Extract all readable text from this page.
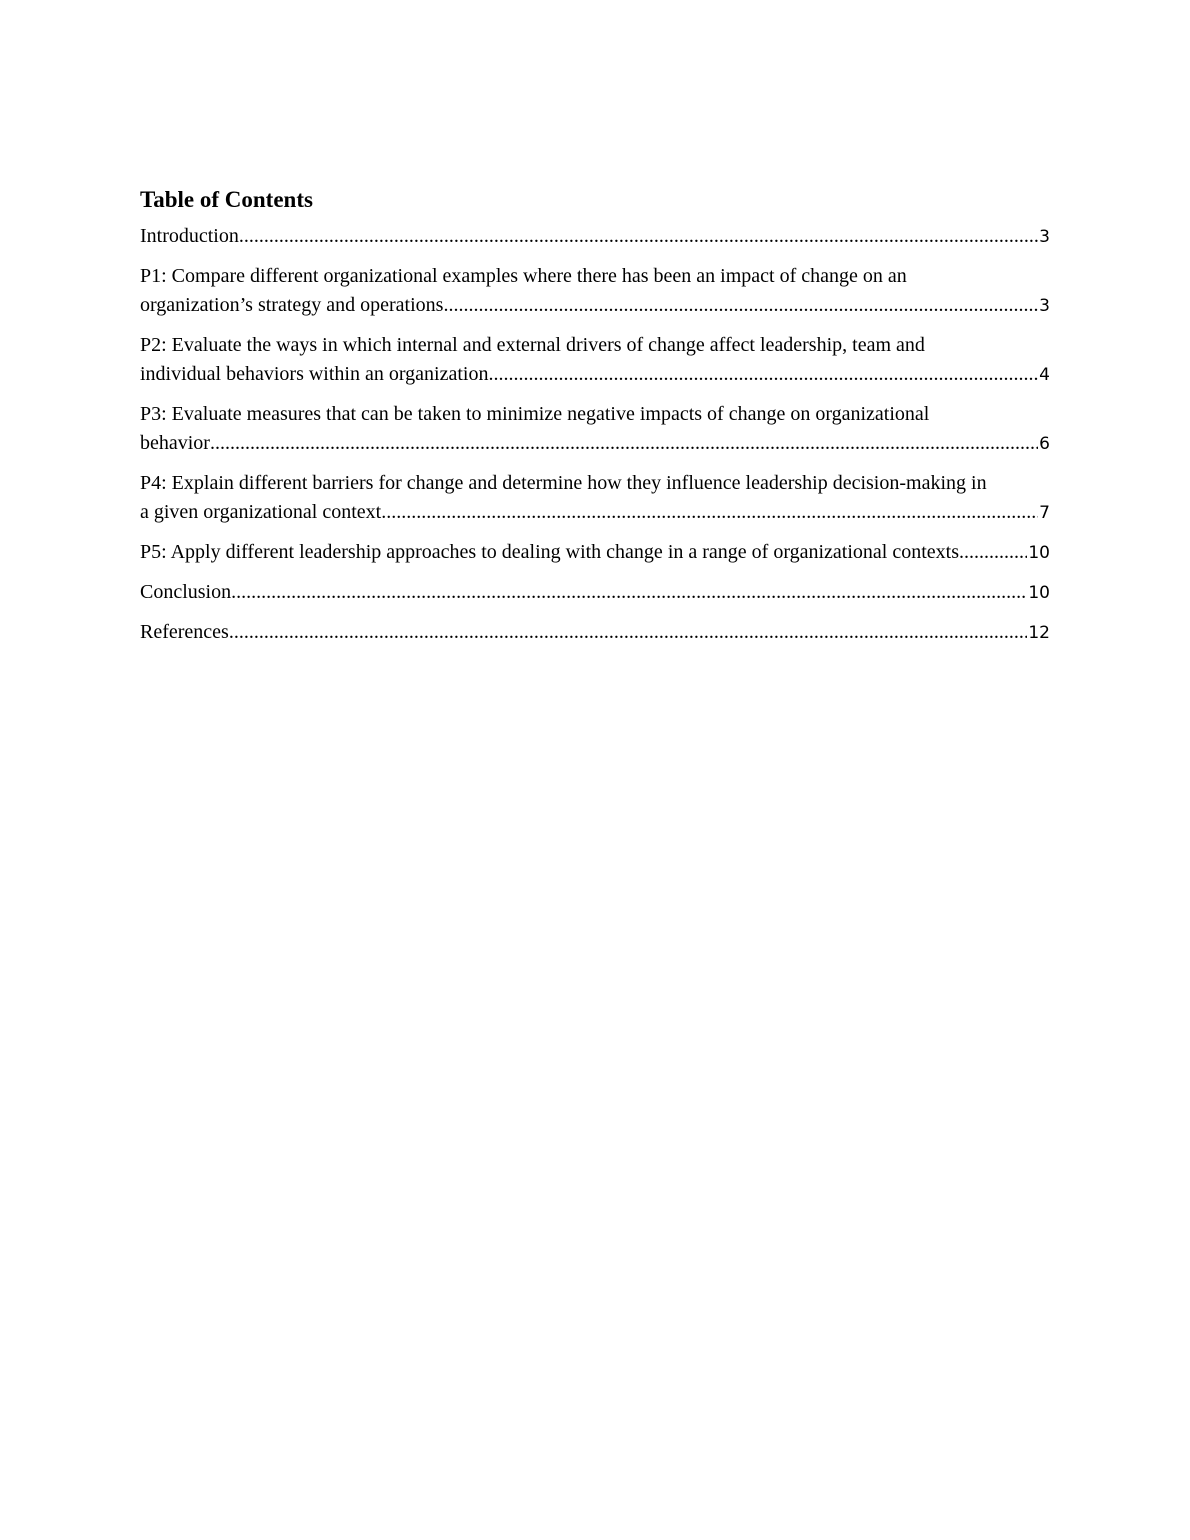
Table of Contents
Introduction .....	3
P1: Compare different organizational examples where there has been an impact of change on an
organization’s strategy and operations .....	3
P2: Evaluate the ways in which internal and external drivers of change affect leadership, team and
individual behaviors within an organization. .....	4
P3: Evaluate measures that can be taken to minimize negative impacts of change on organizational
behavior .....	6
P4: Explain different barriers for change and determine how they influence leadership decision-making in
a given organizational context .....	7
P5: Apply different leadership approaches to dealing with change in a range of organizational contexts .....	10
Conclusion .....	10
References .....	12
